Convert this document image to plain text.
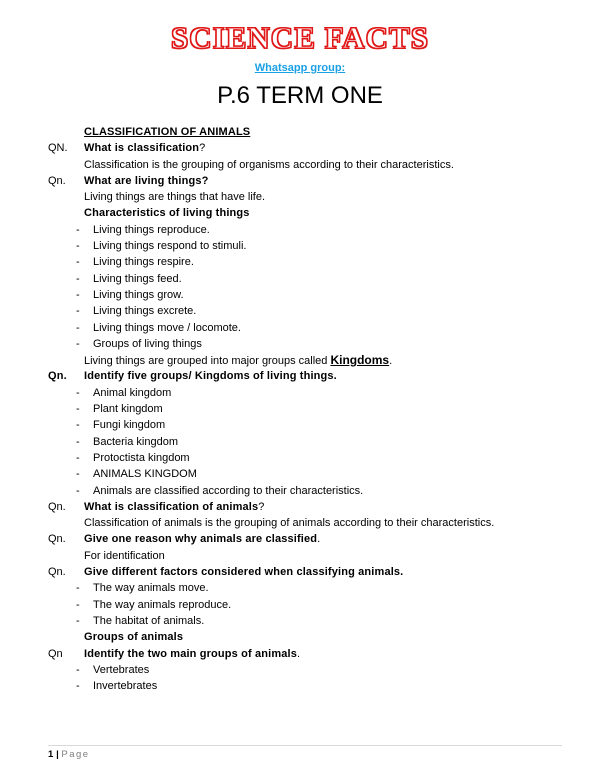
SCIENCE FACTS
Whatsapp group:
P.6 TERM ONE
CLASSIFICATION OF ANIMALS
QN. What is classification?
Classification is the grouping of organisms according to their characteristics.
Qn. What are living things?
Living things are things that have life.
Characteristics of living things
- Living things reproduce.
- Living things respond to stimuli.
- Living things respire.
- Living things feed.
- Living things grow.
- Living things excrete.
- Living things move / locomote.
- Groups of living things
Living things are grouped into major groups called Kingdoms.
Qn. Identify five groups/ Kingdoms of living things.
- Animal kingdom
- Plant kingdom
- Fungi kingdom
- Bacteria kingdom
- Protoctista kingdom
- ANIMALS KINGDOM
- Animals are classified according to their characteristics.
Qn. What is classification of animals?
Classification of animals is the grouping of animals according to their characteristics.
Qn. Give one reason why animals are classified.
For identification
Qn. Give different factors considered when classifying animals.
- The way animals move.
- The way animals reproduce.
- The habitat of animals.
Groups of animals
Qn Identify the two main groups of animals.
- Vertebrates
- Invertebrates
1 | Page
